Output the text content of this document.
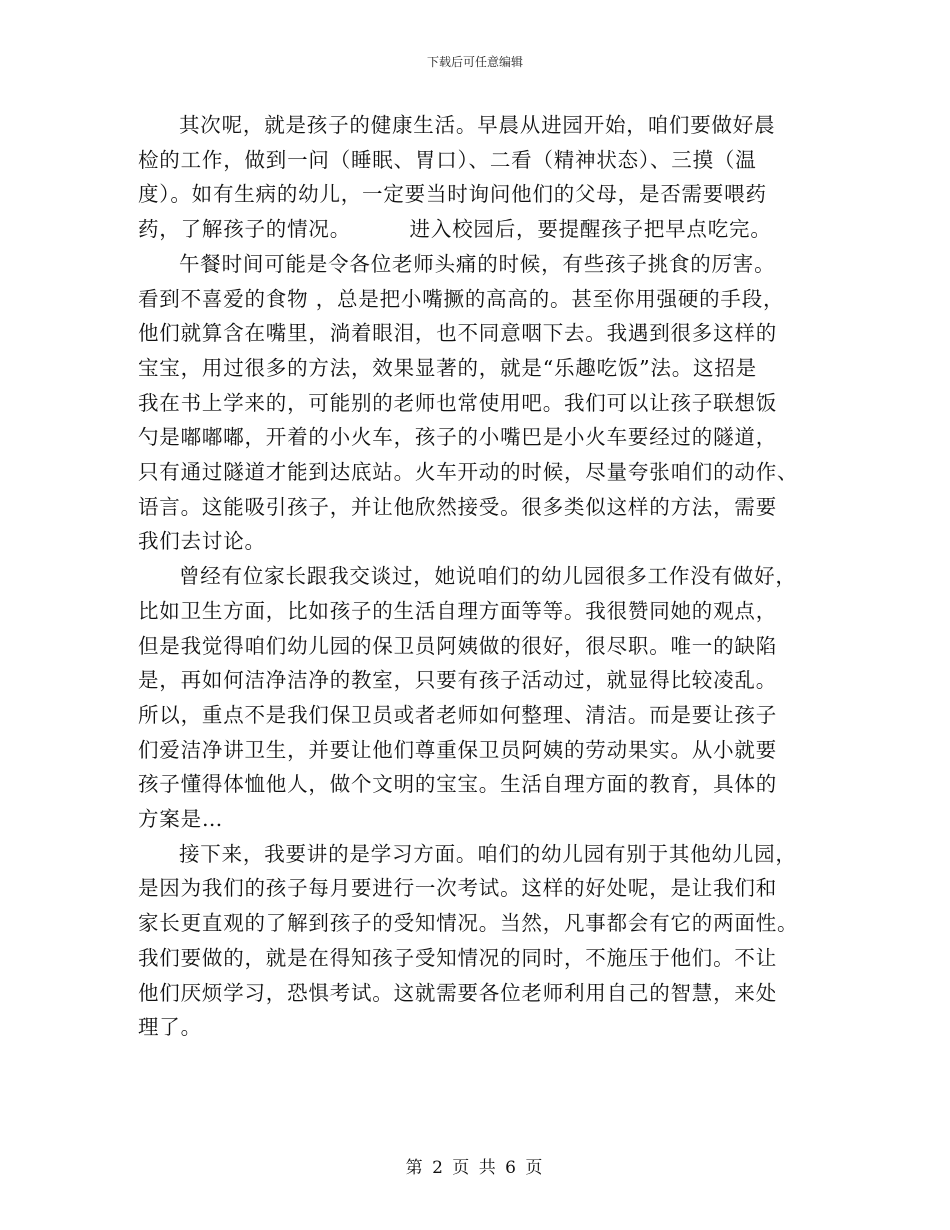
下载后可任意编辑

其次呢，就是孩子的健康生活。早晨从进园开始，咱们要做好晨
检的工作，做到一问（睡眠、胃口）、二看（精神状态）、三摸（温
度）。如有生病的幼儿，一定要当时询问他们的父母，是否需要喂药
药，了解孩子的情况。        进入校园后，要提醒孩子把早点吃完。

午餐时间可能是令各位老师头痛的时候，有些孩子挑食的厉害。
看到不喜爱的食物 ，总是把小嘴撅的高高的。甚至你用强硬的手段，
他们就算含在嘴里，淌着眼泪，也不同意咽下去。我遇到很多这样的
宝宝，用过很多的方法，效果显著的，就是“乐趣吃饭”法。这招是
我在书上学来的，可能别的老师也常使用吧。我们可以让孩子联想饭
勺是嘟嘟嘟，开着的小火车，孩子的小嘴巴是小火车要经过的隧道，
只有通过隧道才能到达底站。火车开动的时候，尽量夸张咱们的动作、
语言。这能吸引孩子，并让他欣然接受。很多类似这样的方法，需要
我们去讨论。

曾经有位家长跟我交谈过，她说咱们的幼儿园很多工作没有做好，
比如卫生方面，比如孩子的生活自理方面等等。我很赞同她的观点，
但是我觉得咱们幼儿园的保卫员阿姨做的很好，很尽职。唯一的缺陷
是，再如何洁净洁净的教室，只要有孩子活动过，就显得比较凌乱。
所以，重点不是我们保卫员或者老师如何整理、清洁。而是要让孩子
们爱洁净讲卫生，并要让他们尊重保卫员阿姨的劳动果实。从小就要
孩子懂得体恤他人，做个文明的宝宝。生活自理方面的教育，具体的
方案是…

接下来，我要讲的是学习方面。咱们的幼儿园有别于其他幼儿园，
是因为我们的孩子每月要进行一次考试。这样的好处呢，是让我们和
家长更直观的了解到孩子的受知情况。当然，凡事都会有它的两面性。
我们要做的，就是在得知孩子受知情况的同时，不施压于他们。不让
他们厌烦学习，恐惧考试。这就需要各位老师利用自己的智慧，来处
理了。

第 2 页 共 6 页
